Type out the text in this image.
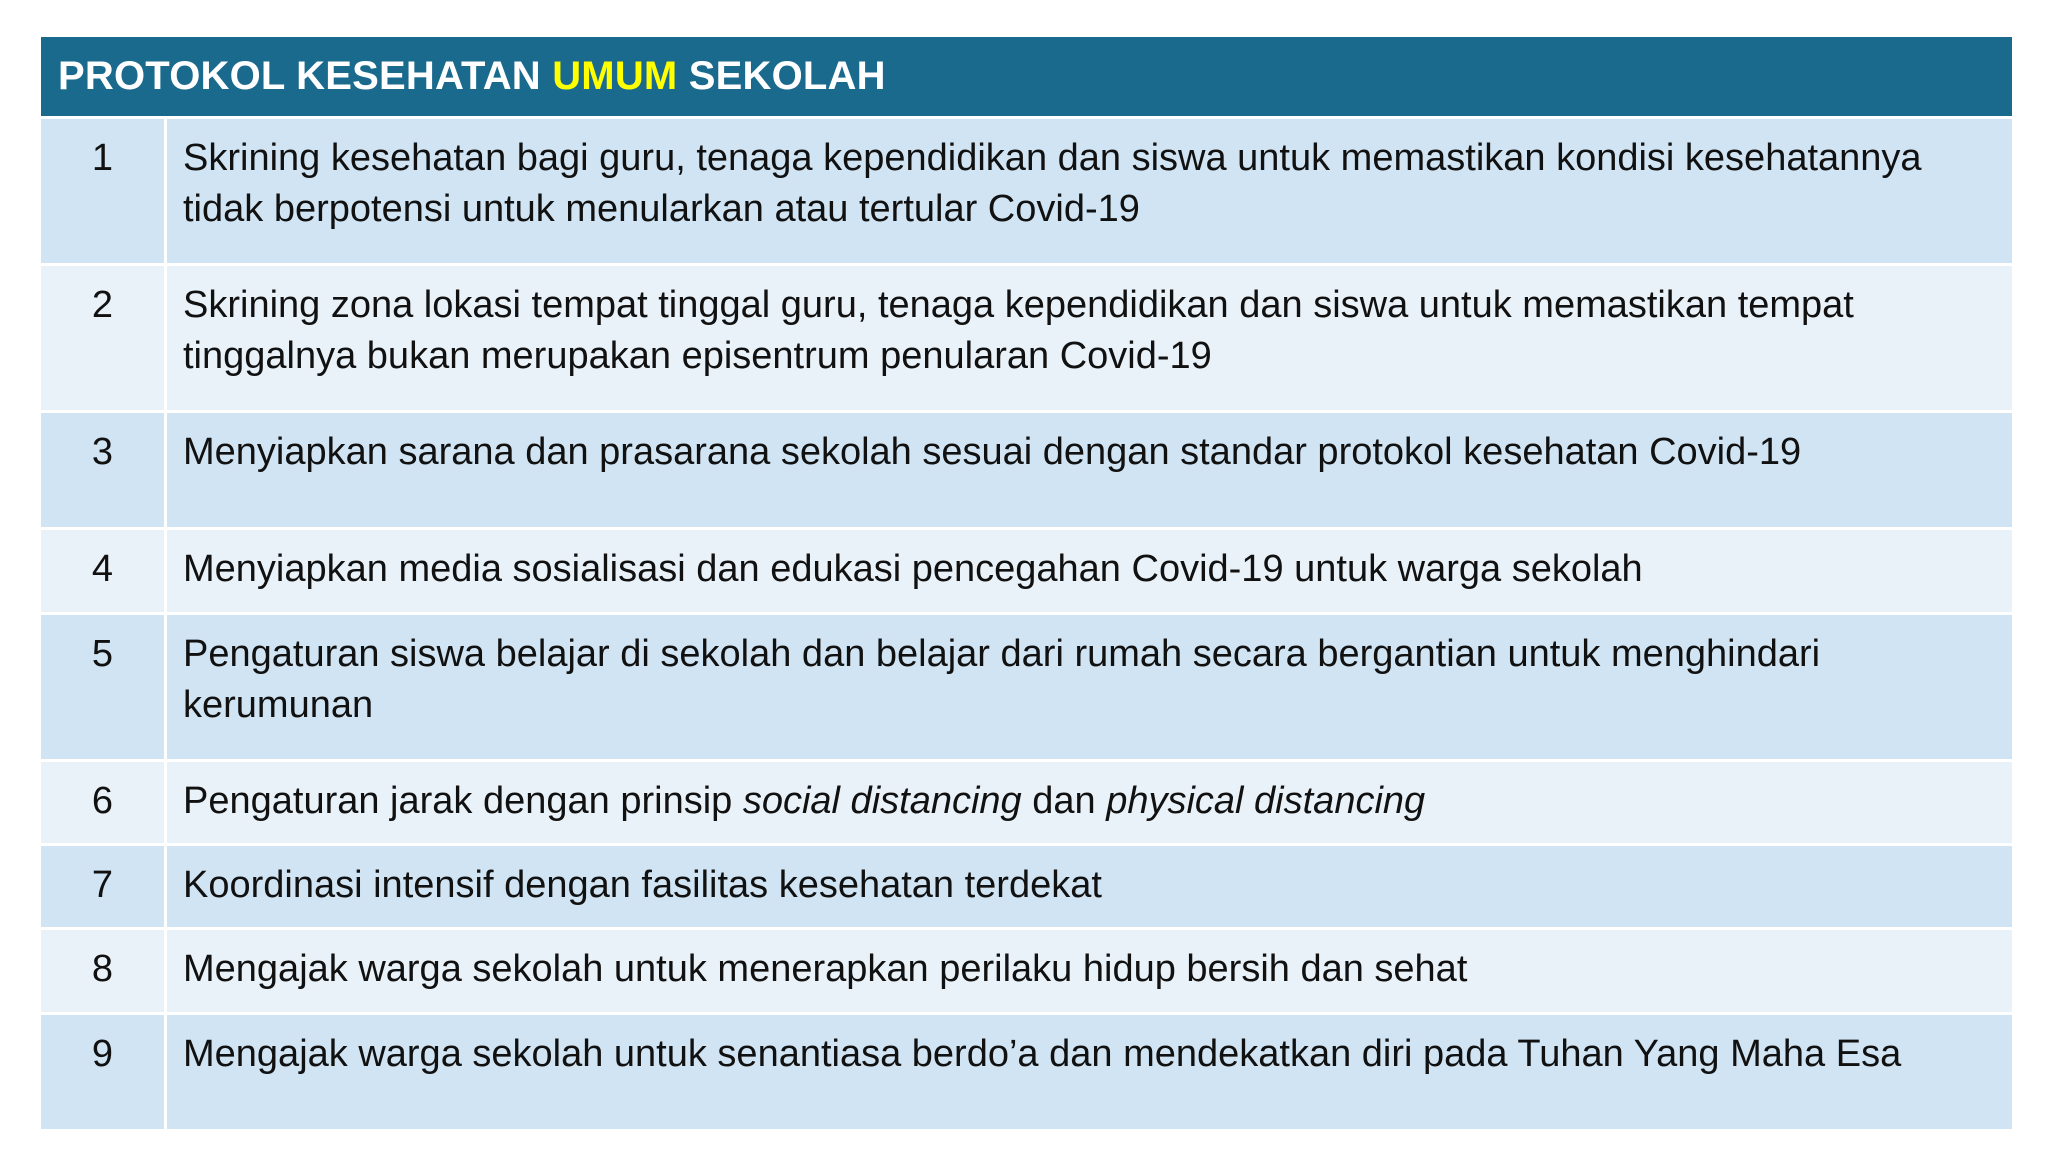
PROTOKOL KESEHATAN UMUM SEKOLAH
1	Skrining kesehatan bagi guru, tenaga kependidikan dan siswa untuk memastikan kondisi kesehatannya tidak berpotensi untuk menularkan atau tertular Covid-19
2	Skrining zona lokasi tempat tinggal guru, tenaga kependidikan dan siswa untuk memastikan tempat tinggalnya bukan merupakan episentrum penularan Covid-19
3	Menyiapkan sarana dan prasarana sekolah sesuai dengan standar protokol kesehatan Covid-19
4	Menyiapkan media sosialisasi dan edukasi pencegahan Covid-19 untuk warga sekolah
5	Pengaturan siswa belajar di sekolah dan belajar dari rumah secara bergantian untuk menghindari kerumunan
6	Pengaturan jarak dengan prinsip social distancing dan physical distancing
7	Koordinasi intensif dengan fasilitas kesehatan terdekat
8	Mengajak warga sekolah untuk menerapkan perilaku hidup bersih dan sehat
9	Mengajak warga sekolah untuk senantiasa berdo’a dan mendekatkan diri pada Tuhan Yang Maha Esa
